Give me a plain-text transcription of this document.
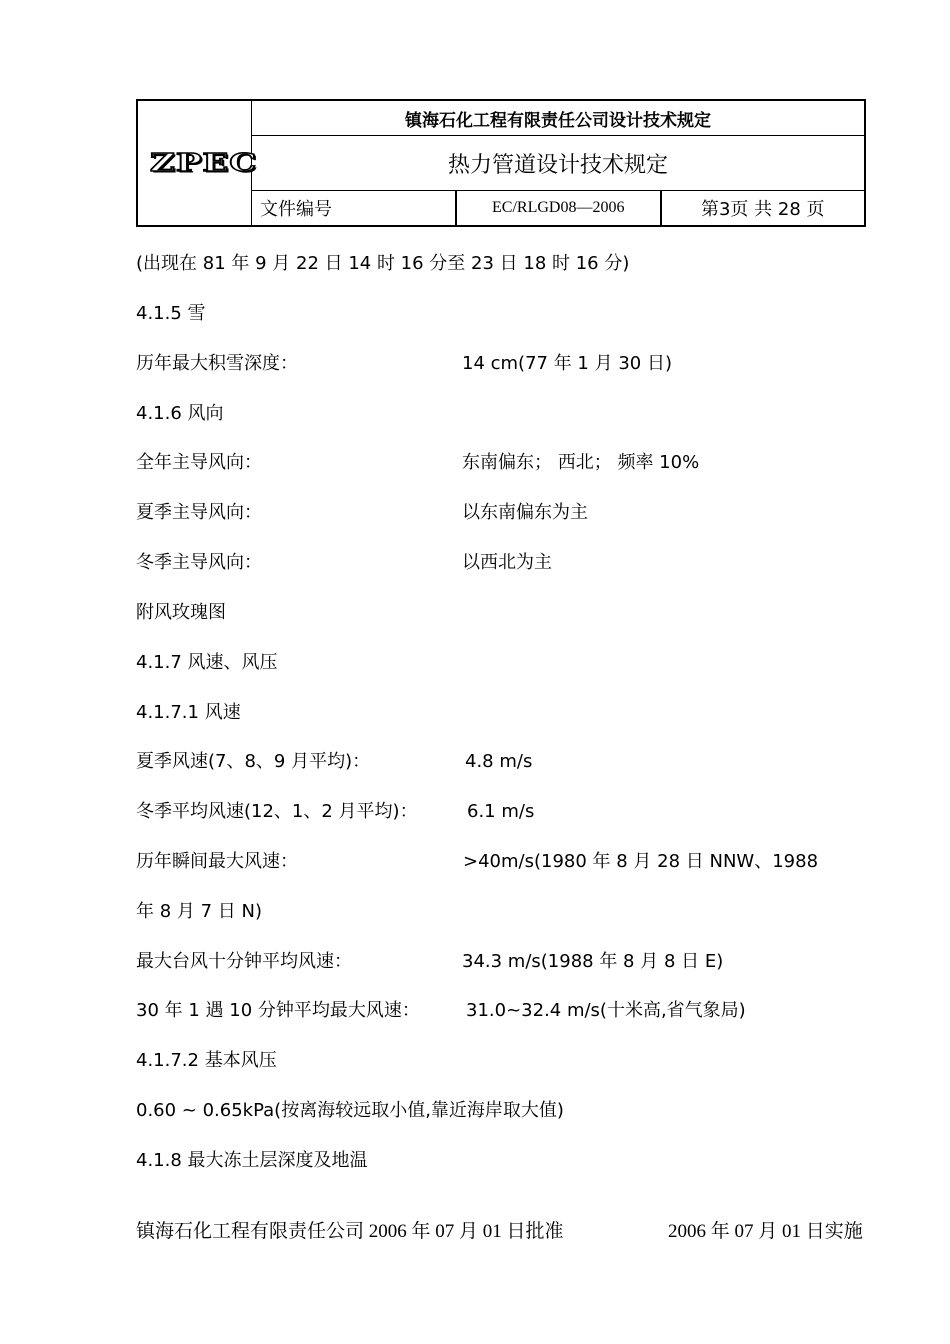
ZPEC	镇海石化工程有限责任公司设计技术规定		
	热力管道设计技术规定		
	文件编号	EC/RLGD08—2006	第3页 共 28 页
(出现在 81 年 9 月 22 日 14 时 16 分至 23 日 18 时 16 分)
4.1.5 雪
历年最大积雪深度：	14 cm(77 年 1 月 30 日)
4.1.6 风向
全年主导风向：	东南偏东； 西北； 频率 10%
夏季主导风向：	以东南偏东为主
冬季主导风向：	以西北为主
附风玫瑰图
4.1.7 风速、风压
4.1.7.1 风速
夏季风速(7、8、9 月平均)：	4.8 m/s
冬季平均风速(12、1、2 月平均)：	6.1 m/s
历年瞬间最大风速：	>40m/s(1980 年 8 月 28 日 NNW、1988
年 8 月 7 日 N)
最大台风十分钟平均风速：	34.3 m/s(1988 年 8 月 8 日 E)
30 年 1 遇 10 分钟平均最大风速：	31.0~32.4 m/s(十米高,省气象局)
4.1.7.2 基本风压
0.60 ~ 0.65kPa(按离海较远取小值,靠近海岸取大值)
4.1.8 最大冻土层深度及地温
镇海石化工程有限责任公司 2006 年 07 月 01 日批准	2006 年 07 月 01 日实施
